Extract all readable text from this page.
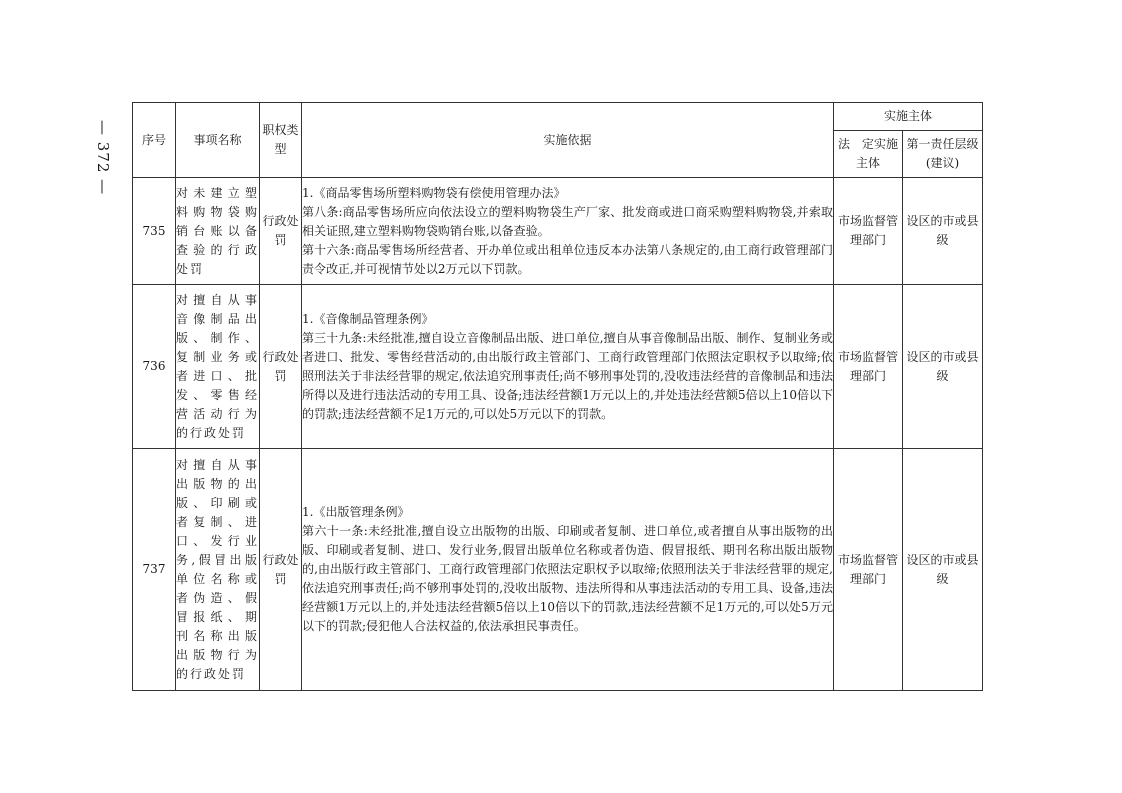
— 372 —	序号	事项名称	职权类型	实施依据	实施主体	
				法　定实施主体	第一责任层级(建议)
735	对未建立塑料购物袋购销台账以备查验的行政处罚	行政处罚	1.《商品零售场所塑料购物袋有偿使用管理办法》
第八条:商品零售场所应向依法设立的塑料购物袋生产厂家、批发商或进口商采购塑料购物袋,并索取相关证照,建立塑料购物袋购销台账,以备查验。
第十六条:商品零售场所经营者、开办单位或出租单位违反本办法第八条规定的,由工商行政管理部门责令改正,并可视情节处以2万元以下罚款。	市场监督管理部门	设区的市或县级
736	对擅自从事音像制品出版、制作、复制业务或者进口、批发、零售经营活动行为的行政处罚	行政处罚	1.《音像制品管理条例》
第三十九条:未经批准,擅自设立音像制品出版、进口单位,擅自从事音像制品出版、制作、复制业务或者进口、批发、零售经营活动的,由出版行政主管部门、工商行政管理部门依照法定职权予以取缔;依照刑法关于非法经营罪的规定,依法追究刑事责任;尚不够刑事处罚的,没收违法经营的音像制品和违法所得以及进行违法活动的专用工具、设备;违法经营额1万元以上的,并处违法经营额5倍以上10倍以下的罚款;违法经营额不足1万元的,可以处5万元以下的罚款。	市场监督管理部门	设区的市或县级
737	对擅自从事出版物的出版、印刷或者复制、进口、发行业务,假冒出版单位名称或者伪造、假冒报纸、期刊名称出版出版物行为的行政处罚	行政处罚	1.《出版管理条例》
第六十一条:未经批准,擅自设立出版物的出版、印刷或者复制、进口单位,或者擅自从事出版物的出版、印刷或者复制、进口、发行业务,假冒出版单位名称或者伪造、假冒报纸、期刊名称出版出版物的,由出版行政主管部门、工商行政管理部门依照法定职权予以取缔;依照刑法关于非法经营罪的规定,依法追究刑事责任;尚不够刑事处罚的,没收出版物、违法所得和从事违法活动的专用工具、设备,违法经营额1万元以上的,并处违法经营额5倍以上10倍以下的罚款,违法经营额不足1万元的,可以处5万元以下的罚款;侵犯他人合法权益的,依法承担民事责任。	市场监督管理部门	设区的市或县级
